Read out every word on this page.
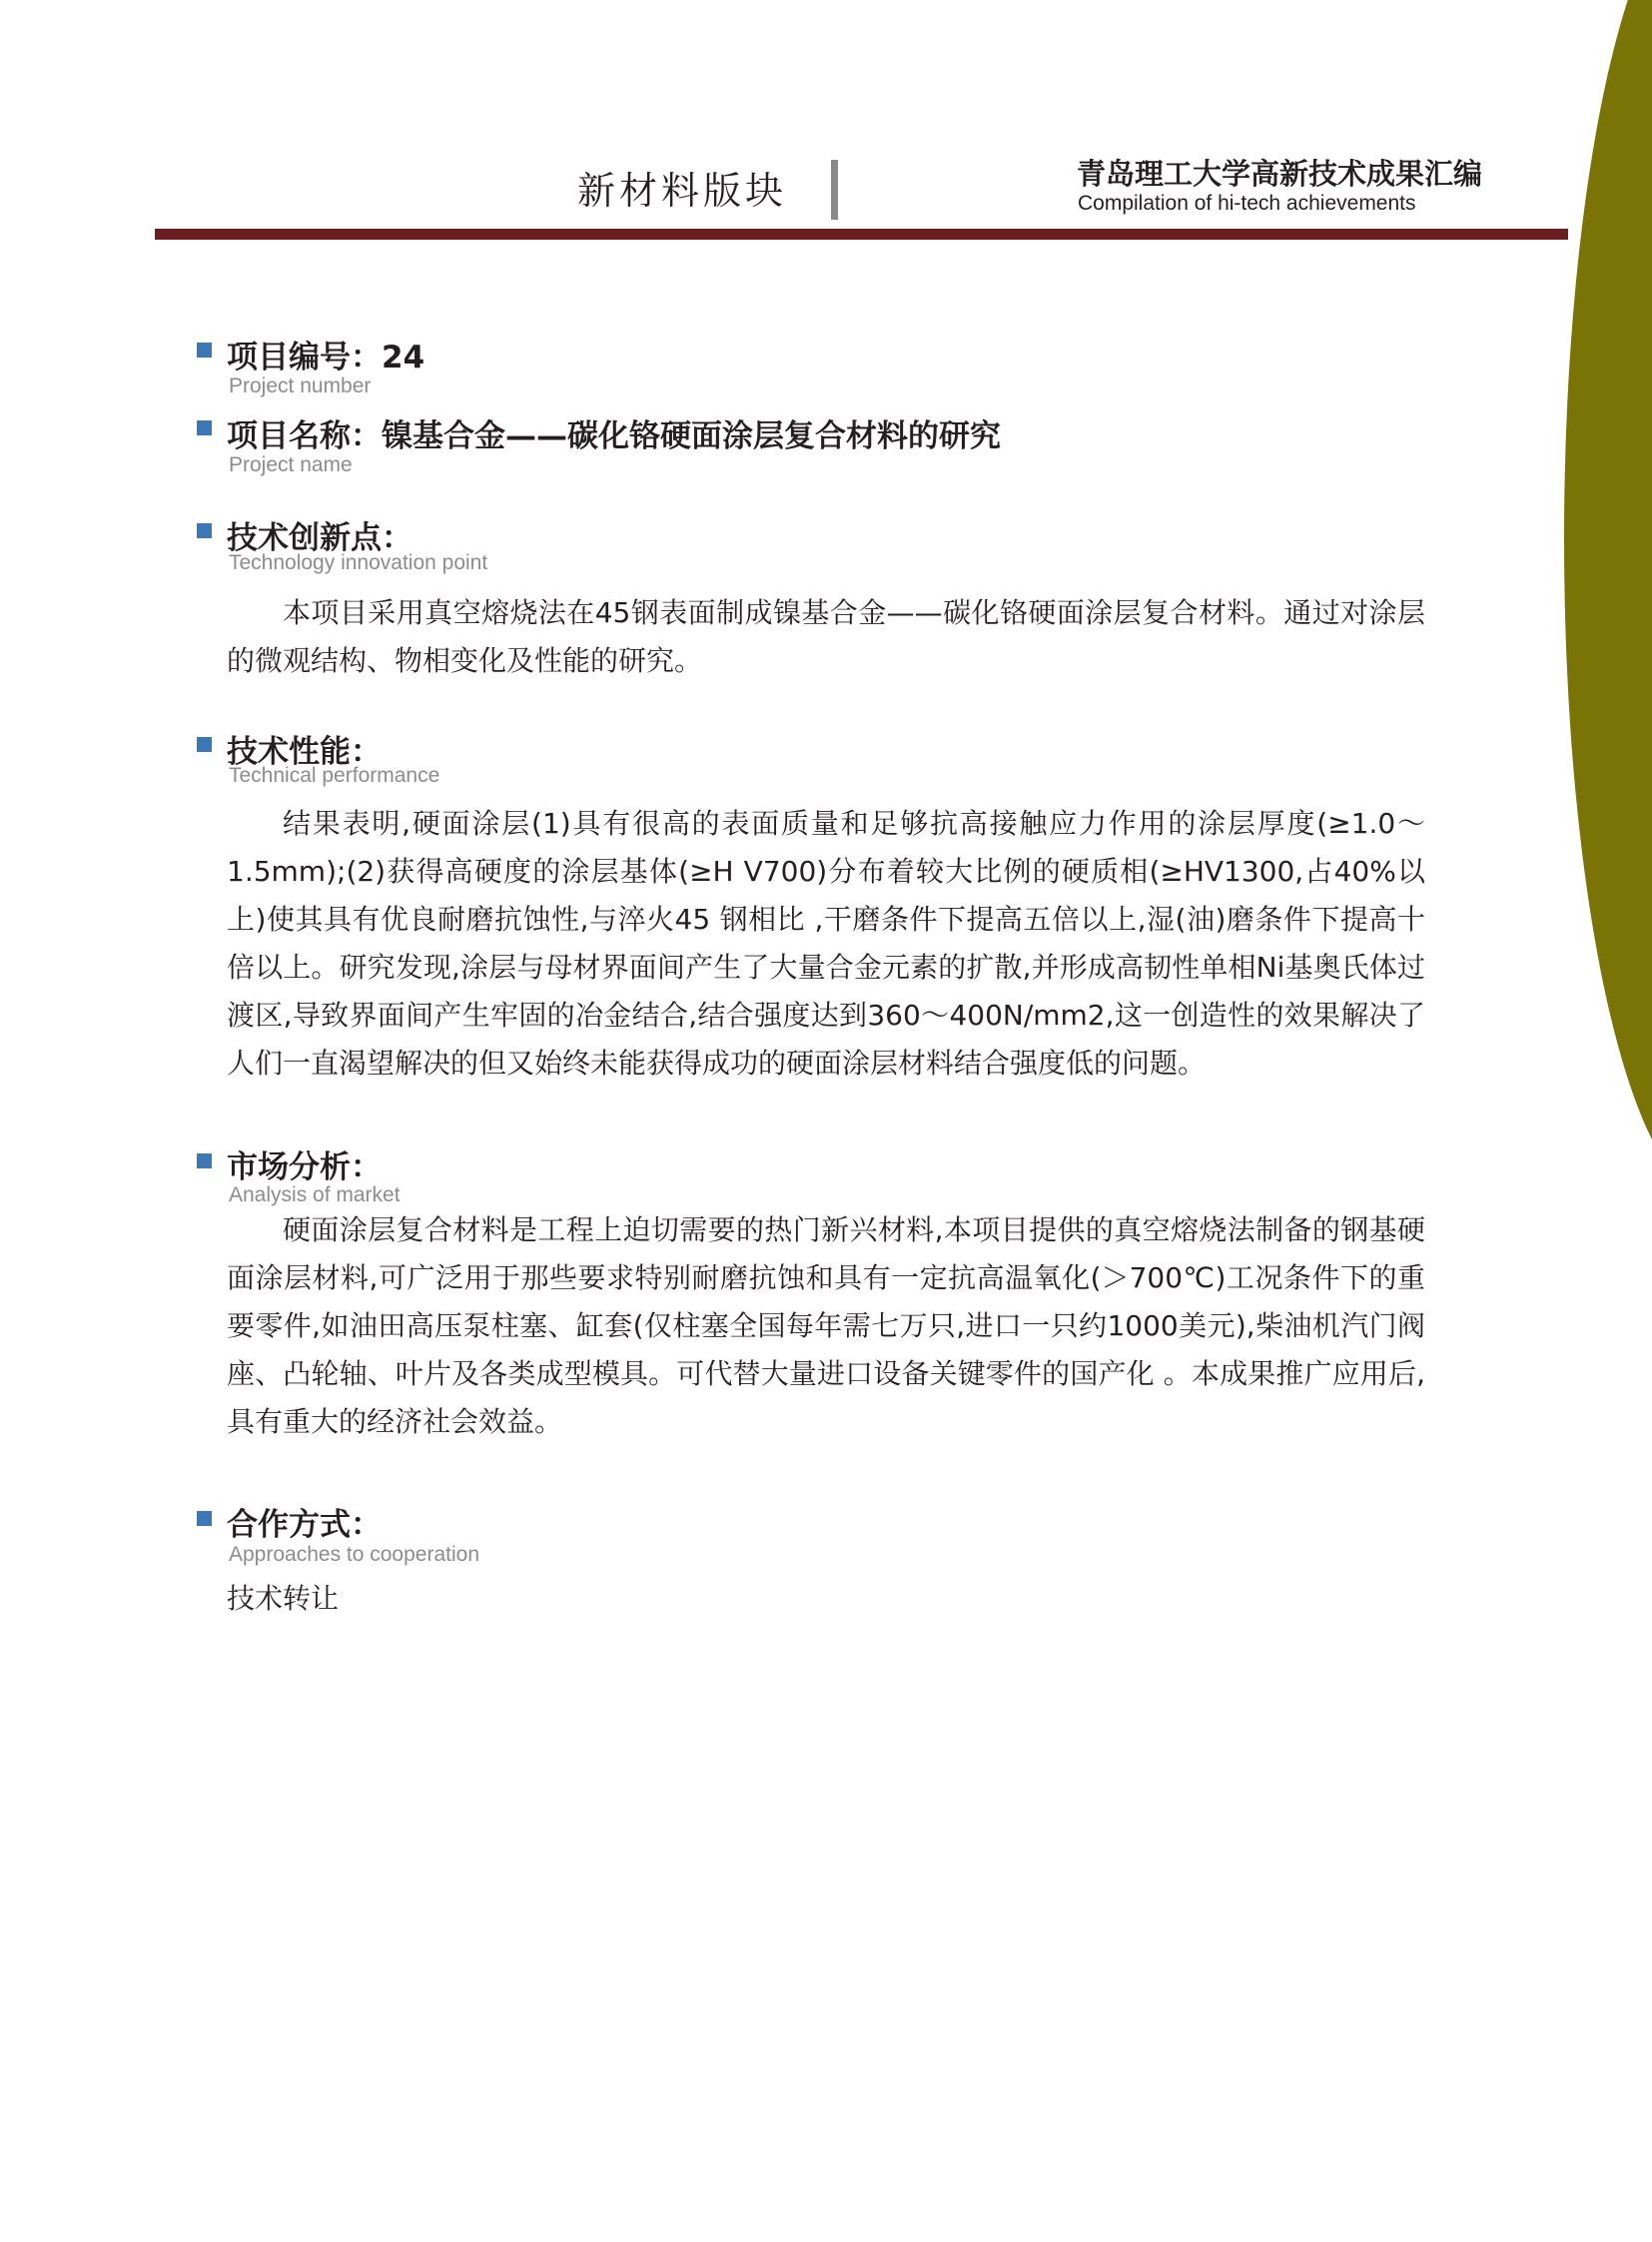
新材料版块	青岛理工大学高新技术成果汇编
Compilation of hi-tech achievements
项目编号：24
Project number
项目名称：镍基合金——碳化铬硬面涂层复合材料的研究
Project name
技术创新点：
Technology innovation point

本项目采用真空熔烧法在45钢表面制成镍基合金——碳化铬硬面涂层复合材料。通过对涂层的微观结构、物相变化及性能的研究。

技术性能：
Technical performance

结果表明,硬面涂层(1)具有很高的表面质量和足够抗高接触应力作用的涂层厚度(≥1.0～1.5mm);(2)获得高硬度的涂层基体(≥H V700)分布着较大比例的硬质相(≥HV1300,占40%以上)使其具有优良耐磨抗蚀性,与淬火45 钢相比 ,干磨条件下提高五倍以上,湿(油)磨条件下提高十倍以上。研究发现,涂层与母材界面间产生了大量合金元素的扩散,并形成高韧性单相Ni基奥氏体过渡区,导致界面间产生牢固的冶金结合,结合强度达到360～400N/mm2,这一创造性的效果解决了人们一直渴望解决的但又始终未能获得成功的硬面涂层材料结合强度低的问题。

市场分析：
Analysis of market

硬面涂层复合材料是工程上迫切需要的热门新兴材料,本项目提供的真空熔烧法制备的钢基硬面涂层材料,可广泛用于那些要求特别耐磨抗蚀和具有一定抗高温氧化(＞700℃)工况条件下的重要零件,如油田高压泵柱塞、缸套(仅柱塞全国每年需七万只,进口一只约1000美元),柴油机汽门阀座、凸轮轴、叶片及各类成型模具。可代替大量进口设备关键零件的国产化 。本成果推广应用后,具有重大的经济社会效益。

合作方式：
Approaches to cooperation
技术转让
